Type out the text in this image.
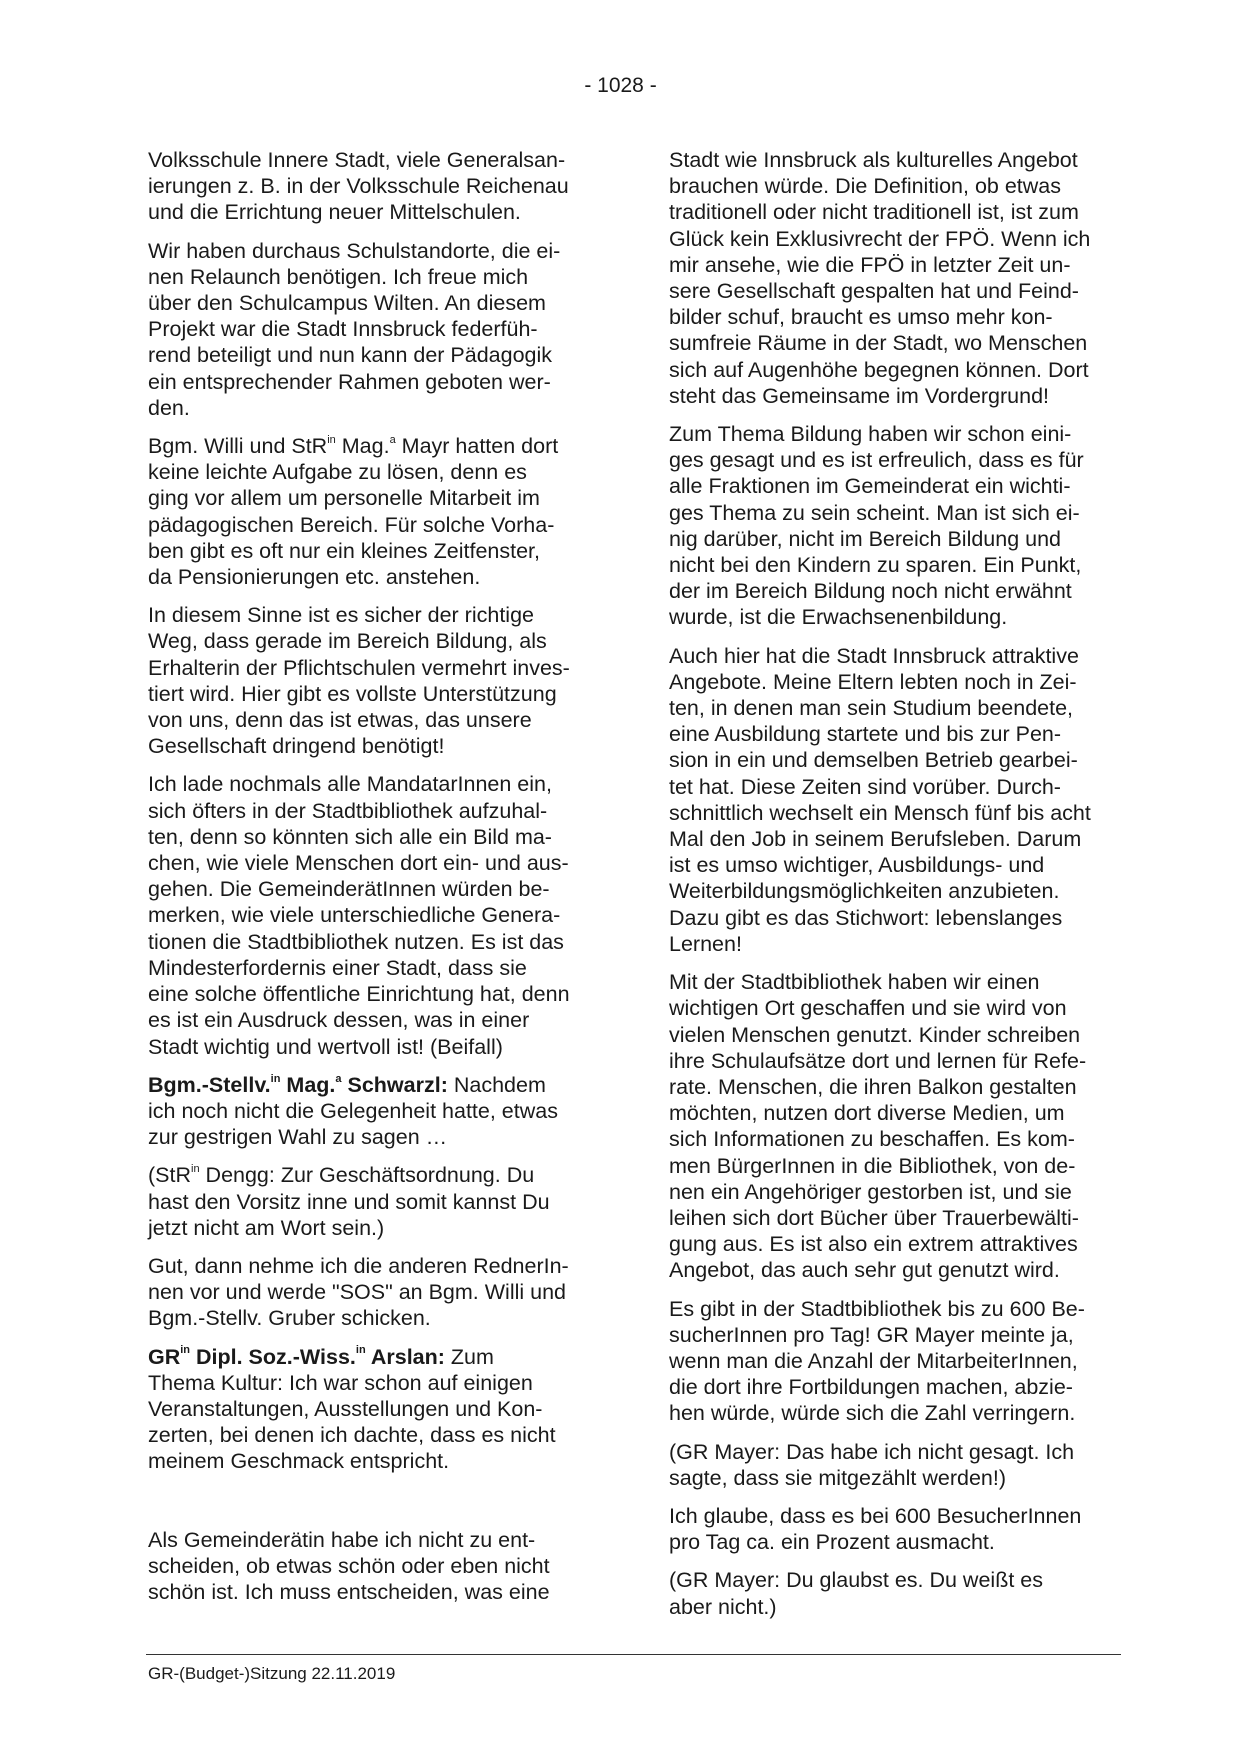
- 1028 -

Volksschule Innere Stadt, viele Generalsan-
ierungen z. B. in der Volksschule Reichenau
und die Errichtung neuer Mittelschulen.

Wir haben durchaus Schulstandorte, die ei-
nen Relaunch benötigen. Ich freue mich
über den Schulcampus Wilten. An diesem
Projekt war die Stadt Innsbruck federfüh-
rend beteiligt und nun kann der Pädagogik
ein entsprechender Rahmen geboten wer-
den.

Bgm. Willi und StR$^{in}$ Mag.$^a$ Mayr hatten dort
keine leichte Aufgabe zu lösen, denn es
ging vor allem um personelle Mitarbeit im
pädagogischen Bereich. Für solche Vorha-
ben gibt es oft nur ein kleines Zeitfenster,
da Pensionierungen etc. anstehen.

In diesem Sinne ist es sicher der richtige
Weg, dass gerade im Bereich Bildung, als
Erhalterin der Pflichtschulen vermehrt inves-
tiert wird. Hier gibt es vollste Unterstützung
von uns, denn das ist etwas, das unsere
Gesellschaft dringend benötigt!

Ich lade nochmals alle MandatarInnen ein,
sich öfters in der Stadtbibliothek aufzuhal-
ten, denn so könnten sich alle ein Bild ma-
chen, wie viele Menschen dort ein- und aus-
gehen. Die GemeinderätInnen würden be-
merken, wie viele unterschiedliche Genera-
tionen die Stadtbibliothek nutzen. Es ist das
Mindesterfordernis einer Stadt, dass sie
eine solche öffentliche Einrichtung hat, denn
es ist ein Ausdruck dessen, was in einer
Stadt wichtig und wertvoll ist! (Beifall)

Bgm.-Stellv.$^{in}$ Mag.$^a$ Schwarzl: Nachdem
ich noch nicht die Gelegenheit hatte, etwas
zur gestrigen Wahl zu sagen …

(StR$^{in}$ Dengg: Zur Geschäftsordnung. Du
hast den Vorsitz inne und somit kannst Du
jetzt nicht am Wort sein.)

Gut, dann nehme ich die anderen RednerIn-
nen vor und werde "SOS" an Bgm. Willi und
Bgm.-Stellv. Gruber schicken.

$GR^{in}$ Dipl. Soz.-Wiss.$^{in}$ Arslan: Zum
Thema Kultur: Ich war schon auf einigen
Veranstaltungen, Ausstellungen und Kon-
zerten, bei denen ich dachte, dass es nicht
meinem Geschmack entspricht.

Als Gemeinderätin habe ich nicht zu ent-
scheiden, ob etwas schön oder eben nicht
schön ist. Ich muss entscheiden, was eine

Stadt wie Innsbruck als kulturelles Angebot
brauchen würde. Die Definition, ob etwas
traditionell oder nicht traditionell ist, ist zum
Glück kein Exklusivrecht der FPÖ. Wenn ich
mir ansehe, wie die FPÖ in letzter Zeit un-
sere Gesellschaft gespalten hat und Feind-
bilder schuf, braucht es umso mehr kon-
sumfreie Räume in der Stadt, wo Menschen
sich auf Augenhöhe begegnen können. Dort
steht das Gemeinsame im Vordergrund!

Zum Thema Bildung haben wir schon eini-
ges gesagt und es ist erfreulich, dass es für
alle Fraktionen im Gemeinderat ein wichti-
ges Thema zu sein scheint. Man ist sich ei-
nig darüber, nicht im Bereich Bildung und
nicht bei den Kindern zu sparen. Ein Punkt,
der im Bereich Bildung noch nicht erwähnt
wurde, ist die Erwachsenenbildung.

Auch hier hat die Stadt Innsbruck attraktive
Angebote. Meine Eltern lebten noch in Zei-
ten, in denen man sein Studium beendete,
eine Ausbildung startete und bis zur Pen-
sion in ein und demselben Betrieb gearbei-
tet hat. Diese Zeiten sind vorüber. Durch-
schnittlich wechselt ein Mensch fünf bis acht
Mal den Job in seinem Berufsleben. Darum
ist es umso wichtiger, Ausbildungs- und
Weiterbildungsmöglichkeiten anzubieten.
Dazu gibt es das Stichwort: lebenslanges
Lernen!

Mit der Stadtbibliothek haben wir einen
wichtigen Ort geschaffen und sie wird von
vielen Menschen genutzt. Kinder schreiben
ihre Schulaufsätze dort und lernen für Refe-
rate. Menschen, die ihren Balkon gestalten
möchten, nutzen dort diverse Medien, um
sich Informationen zu beschaffen. Es kom-
men BürgerInnen in die Bibliothek, von de-
nen ein Angehöriger gestorben ist, und sie
leihen sich dort Bücher über Trauerbewälti-
gung aus. Es ist also ein extrem attraktives
Angebot, das auch sehr gut genutzt wird.

Es gibt in der Stadtbibliothek bis zu 600 Be-
sucherInnen pro Tag! GR Mayer meinte ja,
wenn man die Anzahl der MitarbeiterInnen,
die dort ihre Fortbildungen machen, abzie-
hen würde, würde sich die Zahl verringern.

(GR Mayer: Das habe ich nicht gesagt. Ich
sagte, dass sie mitgezählt werden!)

Ich glaube, dass es bei 600 BesucherInnen
pro Tag ca. ein Prozent ausmacht.

(GR Mayer: Du glaubst es. Du weißt es
aber nicht.)

GR-(Budget-)Sitzung 22.11.2019
